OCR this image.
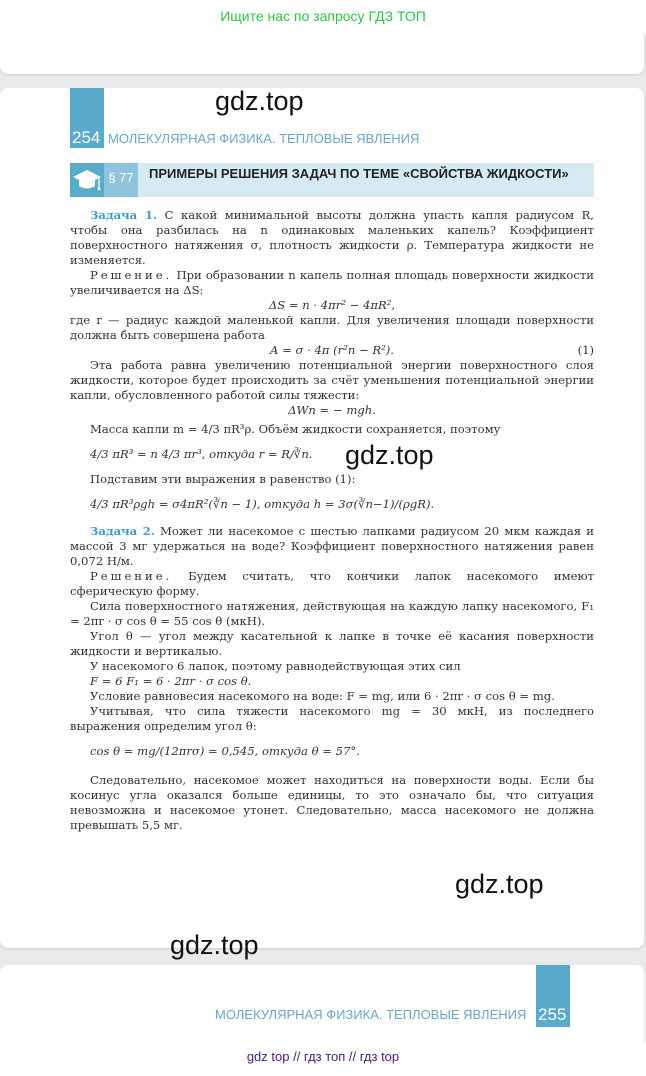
Ищите нас по запросу ГДЗ ТОП
254 МОЛЕКУЛЯРНАЯ ФИЗИКА. ТЕПЛОВЫЕ ЯВЛЕНИЯ
§ 77	ПРИМЕРЫ РЕШЕНИЯ ЗАДАЧ ПО ТЕМЕ «СВОЙСТВА ЖИДКОСТИ»

Задача 1. С какой минимальной высоты должна упасть капля радиусом R, чтобы она разбилась на n одинаковых маленьких капель? Коэффициент поверхностного натяжения σ, плотность жидкости ρ. Температура жидкости не изменяется.

Решение. При образовании n капель полная площадь поверхности жидкости увеличивается на ΔS:

ΔS = n · 4πr² − 4πR²,

где r — радиус каждой маленькой капли. Для увеличения площади поверхности должна быть совершена работа

A = σ · 4π (r²n − R²).	(1)

Эта работа равна увеличению потенциальной энергии поверхностного слоя жидкости, которое будет происходить за счёт уменьшения потенциальной энергии капли, обусловленного работой силы тяжести:

ΔWп = − mgh.

Масса капли m = 4/3 πR³ρ. Объём жидкости сохраняется, поэтому

4/3 πR³ = n 4/3 πr³, откуда r = R/∛n.

Подставим эти выражения в равенство (1):

4/3 πR³ρgh = σ4πR²(∛n − 1), откуда h = 3σ(∛n−1)/(ρgR).

Задача 2. Может ли насекомое с шестью лапками радиусом 20 мкм каждая и массой 3 мг удержаться на воде? Коэффициент поверхностного натяжения равен 0,072 Н/м.

Решение. Будем считать, что кончики лапок насекомого имеют сферическую форму.

Сила поверхностного натяжения, действующая на каждую лапку насекомого, F₁ = 2πr · σ cos θ = 55 cos θ (мкН).

Угол θ — угол между касательной к лапке в точке её касания поверхности жидкости и вертикалью.

У насекомого 6 лапок, поэтому равнодействующая этих сил

F = 6 F₁ = 6 · 2πr · σ cos θ.

Условие равновесия насекомого на воде: F = mg, или 6 · 2πr · σ cos θ = mg.

Учитывая, что сила тяжести насекомого mg = 30 мкН, из последнего выражения определим угол θ:

cos θ = mg/(12πrσ) = 0,545, откуда θ = 57°.

Следовательно, насекомое может находиться на поверхности воды. Если бы косинус угла оказался больше единицы, то это означало бы, что ситуация невозможна и насекомое утонет. Следовательно, масса насекомого не должна превышать 5,5 мг.

255
МОЛЕКУЛЯРНАЯ ФИЗИКА. ТЕПЛОВЫЕ ЯВЛЕНИЯ
gdz.top
gdz.top
gdz.top
gdz.top
gdz top // гдз топ // гдз top
